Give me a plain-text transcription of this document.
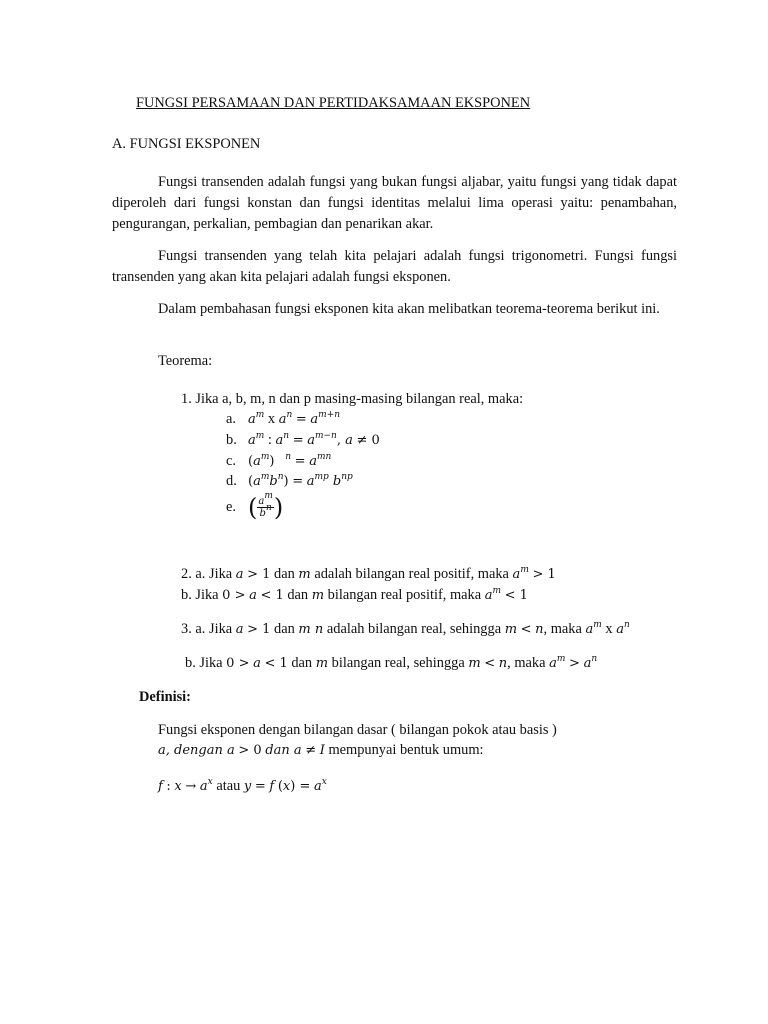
FUNGSI PERSAMAAN DAN PERTIDAKSAMAAN EKSPONEN
A. FUNGSI EKSPONEN

Fungsi transenden adalah fungsi yang bukan fungsi aljabar, yaitu fungsi yang tidak dapat diperoleh dari fungsi konstan dan fungsi identitas melalui lima operasi yaitu: penambahan, pengurangan, perkalian, pembagian dan penarikan akar.

Fungsi transenden yang telah kita pelajari adalah fungsi trigonometri. Fungsi fungsi transenden yang akan kita pelajari adalah fungsi eksponen.

Dalam pembahasan fungsi eksponen kita akan melibatkan teorema-teorema berikut ini.

Teorema:
1. Jika a, b, m, n dan p masing-masing bilangan real, maka:
a. $a^m$ x $a^n = a^{m+n}$
b. $a^m$ : $a^n = a^{m-n}$, a ≠ 0
c. $(a^m) ^n = a^{mn}$
d. $(a^mb^n) = a^{mp}$ $b^{np}$
e. ( $\frac{a^m}{b^n}$ )
2. a. Jika a > 1 dan m adalah bilangan real positif, maka $a^m > 1$
b. Jika 0 > a < 1 dan m bilangan real positif, maka $a^m < 1$
3. a. Jika a > 1 dan m n adalah bilangan real, sehingga m < n, maka $a^m$ x $a^n$
b. Jika 0 > a < 1 dan m bilangan real, sehingga m < n, maka $a^m > a^n$
Definisi:

Fungsi eksponen dengan bilangan dasar ( bilangan pokok atau basis )

a, dengan a > 0 dan a ≠ I mempunyai bentuk umum:
f : $x \to a^x$ atau y = f $(x) = a^x$
